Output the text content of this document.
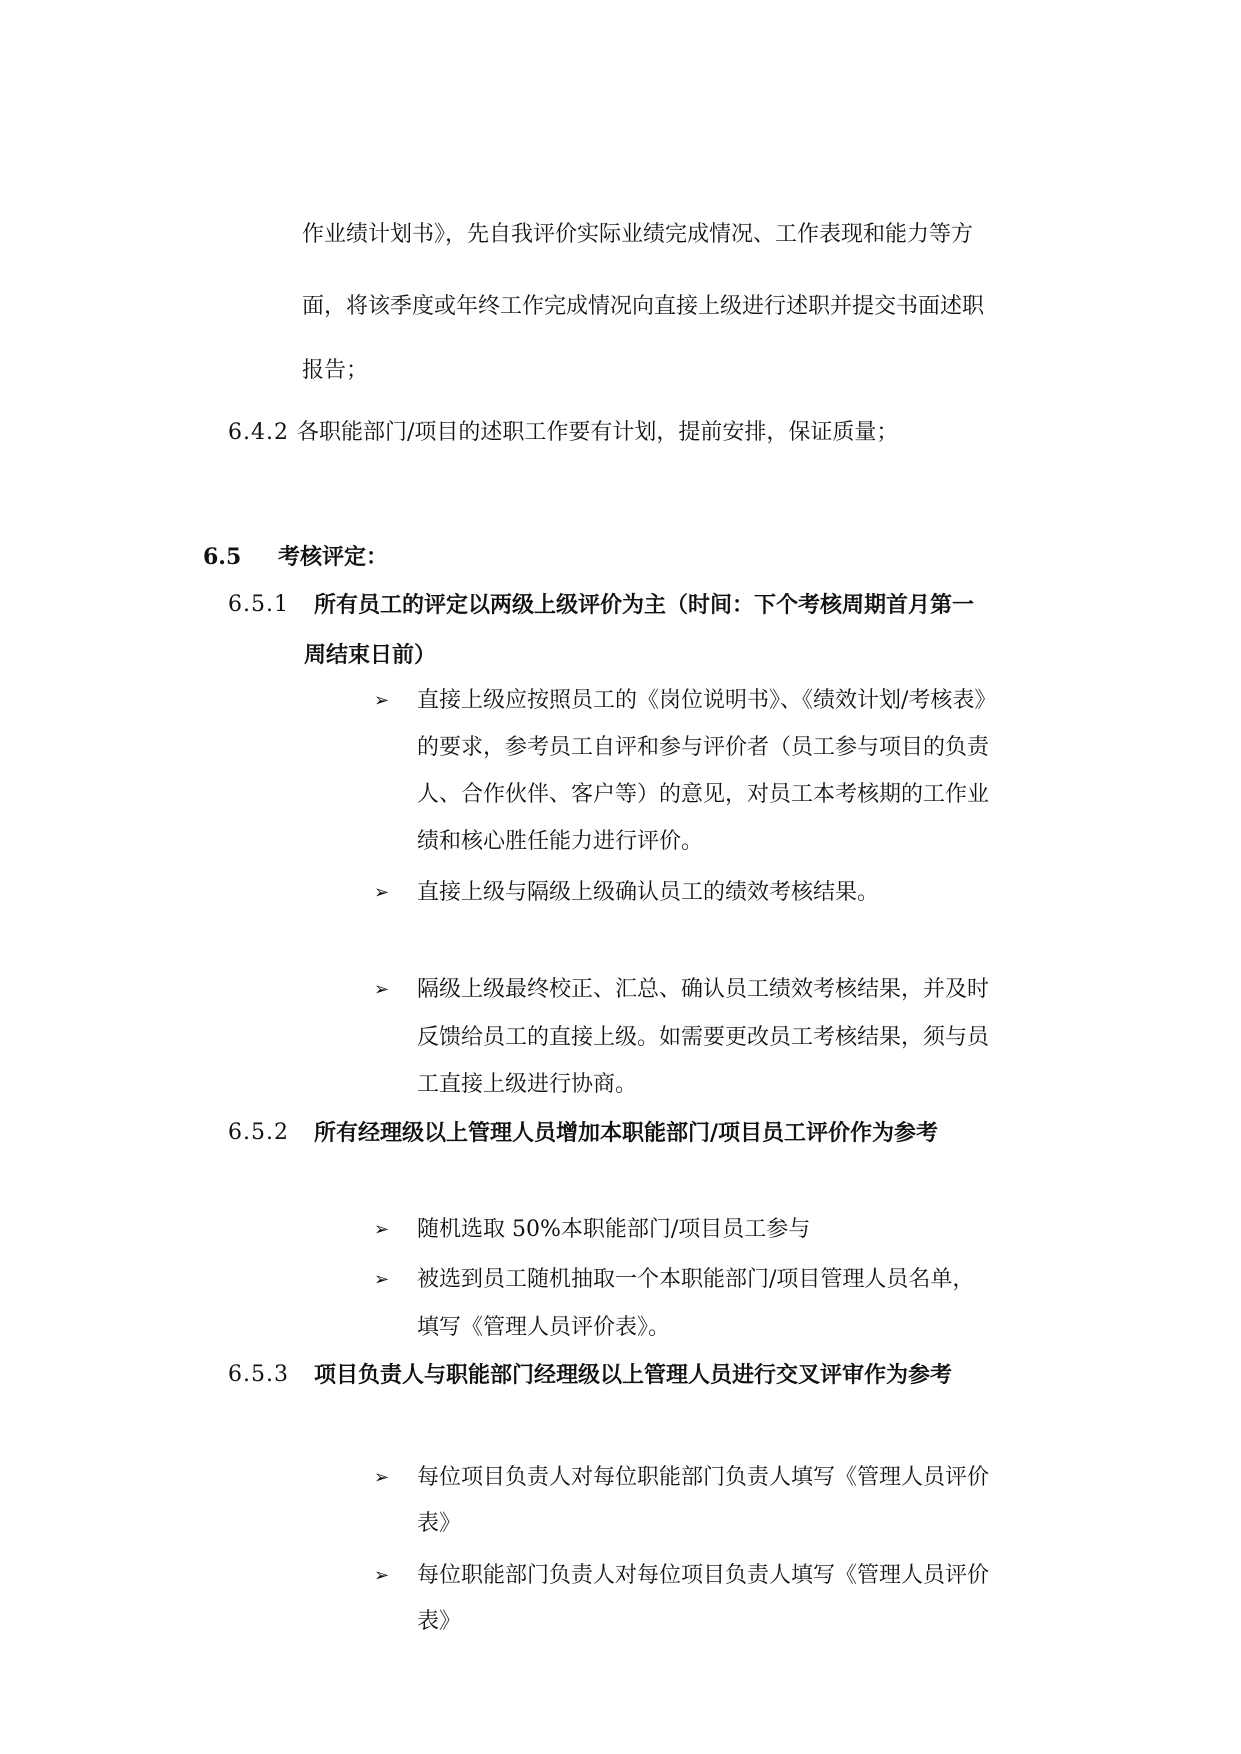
作业绩计划书》，先自我评价实际业绩完成情况、工作表现和能力等方
面，将该季度或年终工作完成情况向直接上级进行述职并提交书面述职
报告；
6.4.2 各职能部门/项目的述职工作要有计划，提前安排，保证质量；
6.5 考核评定：
6.5.1 所有员工的评定以两级上级评价为主（时间：下个考核周期首月第一
周结束日前）
➢ 直接上级应按照员工的《岗位说明书》、《绩效计划/考核表》
的要求，参考员工自评和参与评价者（员工参与项目的负责
人、合作伙伴、客户等）的意见，对员工本考核期的工作业
绩和核心胜任能力进行评价。
➢ 直接上级与隔级上级确认员工的绩效考核结果。
➢ 隔级上级最终校正、汇总、确认员工绩效考核结果，并及时
反馈给员工的直接上级。如需要更改员工考核结果，须与员
工直接上级进行协商。
6.5.2 所有经理级以上管理人员增加本职能部门/项目员工评价作为参考
➢ 随机选取 50%本职能部门/项目员工参与
➢ 被选到员工随机抽取一个本职能部门/项目管理人员名单，
填写《管理人员评价表》。
6.5.3 项目负责人与职能部门经理级以上管理人员进行交叉评审作为参考
➢ 每位项目负责人对每位职能部门负责人填写《管理人员评价
表》
➢ 每位职能部门负责人对每位项目负责人填写《管理人员评价
表》
